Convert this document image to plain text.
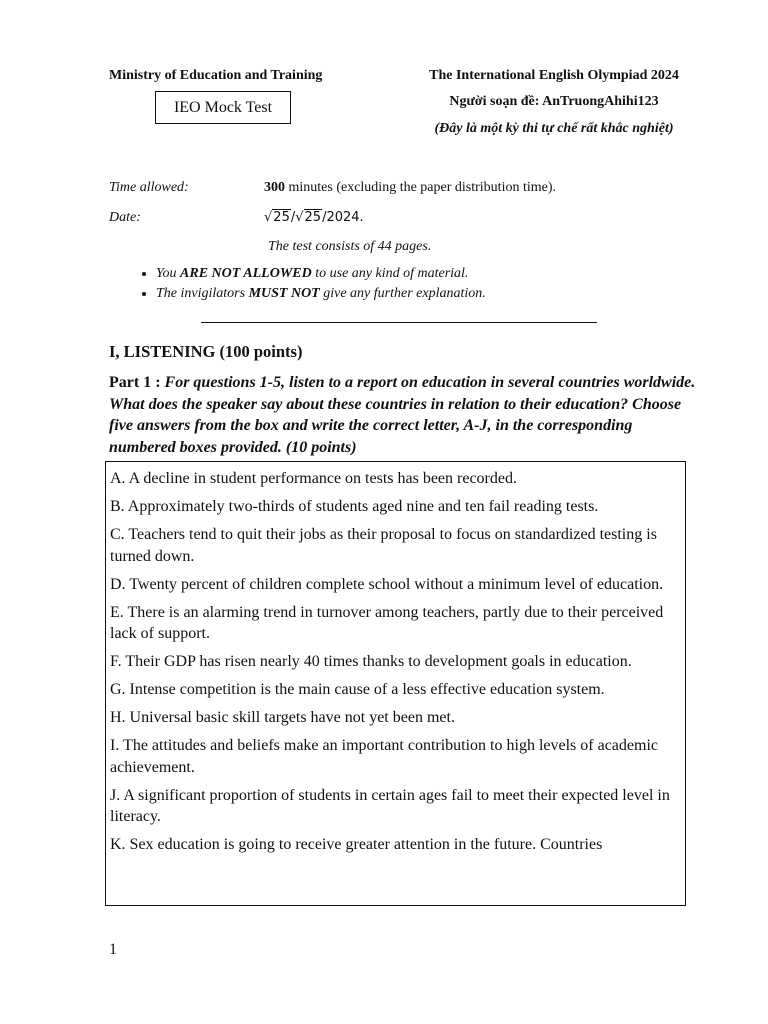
Ministry of Education and Training
IEO Mock Test
The International English Olympiad 2024
Người soạn đề: AnTruongAhihi123
(Đây là một kỳ thi tự chế rất khắc nghiệt)
Time allowed:	300 minutes (excluding the paper distribution time).
Date:	√25/√25/2024.
The test consists of 44 pages.
• You ARE NOT ALLOWED to use any kind of material.
• The invigilators MUST NOT give any further explanation.
I, LISTENING (100 points)
Part 1 : For questions 1-5, listen to a report on education in several countries worldwide. What does the speaker say about these countries in relation to their education? Choose five answers from the box and write the correct letter, A-J, in the corresponding numbered boxes provided. (10 points)
A. A decline in student performance on tests has been recorded.
B. Approximately two-thirds of students aged nine and ten fail reading tests.
C. Teachers tend to quit their jobs as their proposal to focus on standardized testing is turned down.
D. Twenty percent of children complete school without a minimum level of education.
E. There is an alarming trend in turnover among teachers, partly due to their perceived lack of support.
F. Their GDP has risen nearly 40 times thanks to development goals in education.
G. Intense competition is the main cause of a less effective education system.
H. Universal basic skill targets have not yet been met.
I. The attitudes and beliefs make an important contribution to high levels of academic achievement.
J. A significant proportion of students in certain ages fail to meet their expected level in literacy.
K. Sex education is going to receive greater attention in the future. Countries
1
